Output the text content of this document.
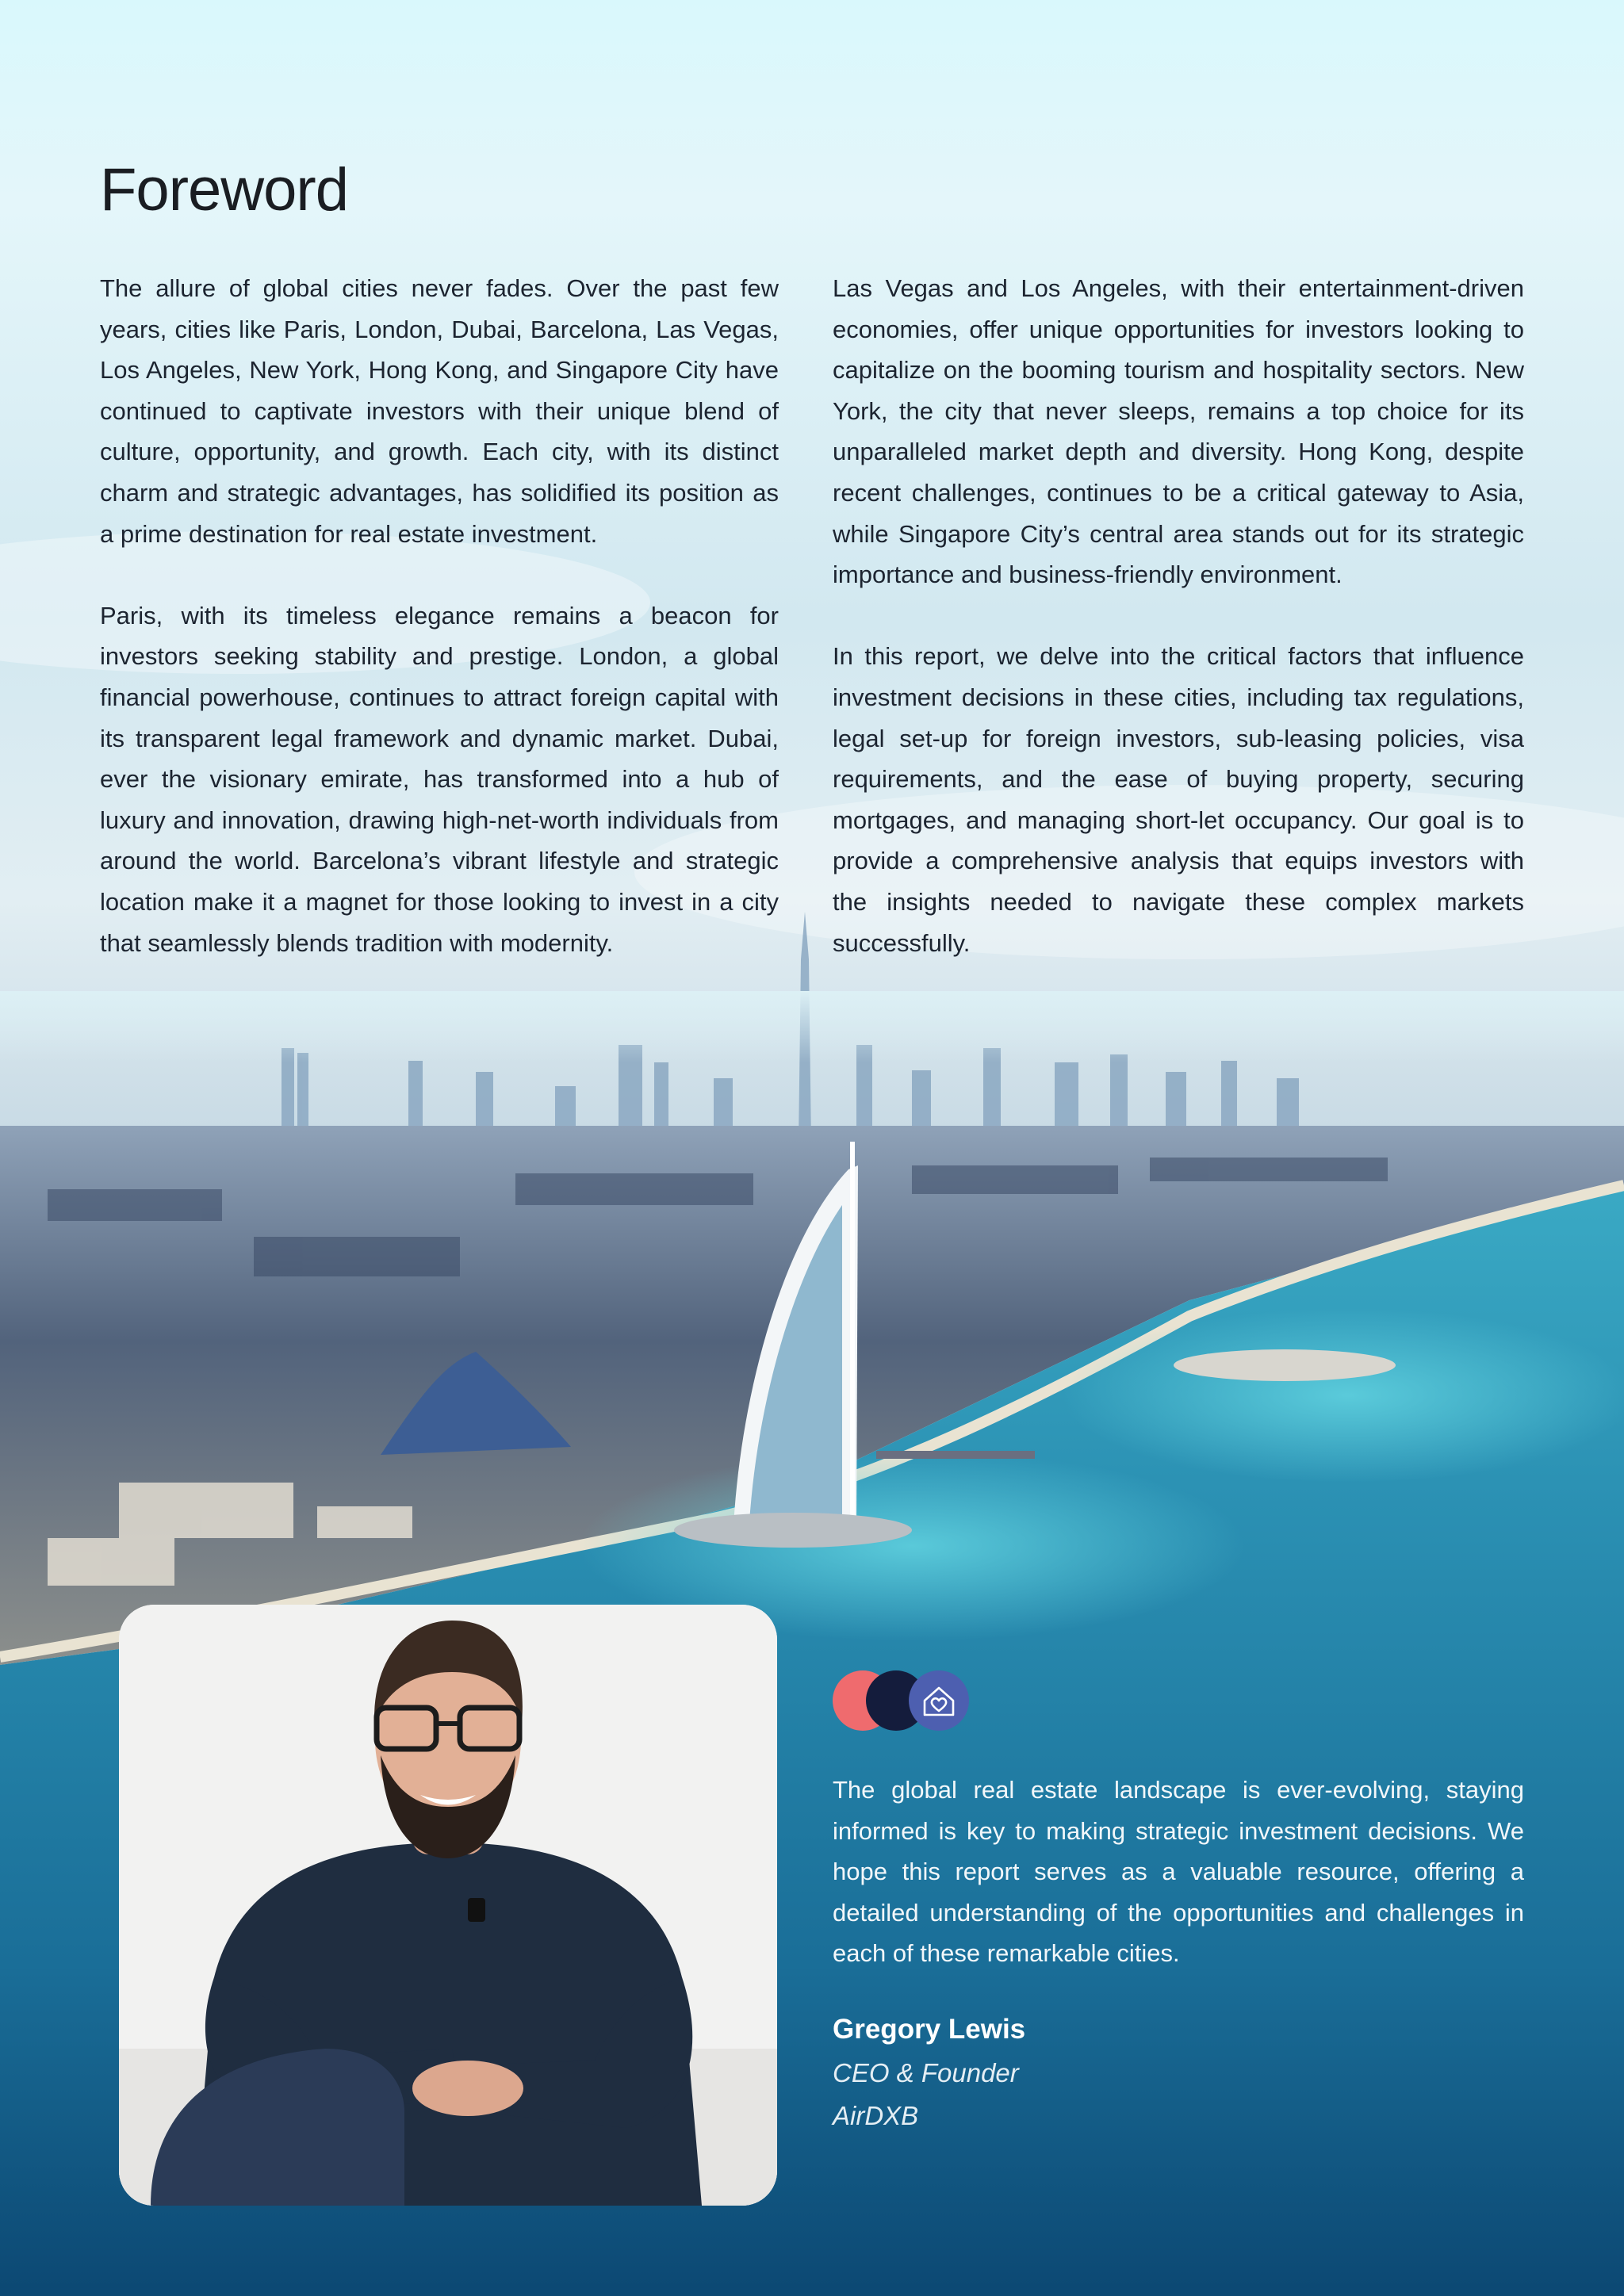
Foreword

The allure of global cities never fades. Over the past few years, cities like Paris, London, Dubai, Barcelona, Las Vegas, Los Angeles, New York, Hong Kong, and Singapore City have continued to captivate investors with their unique blend of culture, opportunity, and growth. Each city, with its distinct charm and strategic advantages, has solidified its position as a prime destination for real estate investment.

Paris, with its timeless elegance remains a beacon for investors seeking stability and prestige. London, a global financial powerhouse, continues to attract foreign capital with its transparent legal framework and dynamic market. Dubai, ever the visionary emirate, has transformed into a hub of luxury and innovation, drawing high-net-worth individuals from around the world. Barcelona’s vibrant lifestyle and strategic location make it a magnet for those looking to invest in a city that seamlessly blends tradition with modernity.

Las Vegas and Los Angeles, with their entertainment-driven economies, offer unique opportunities for investors looking to capitalize on the booming tourism and hospitality sectors. New York, the city that never sleeps, remains a top choice for its unparalleled market depth and diversity. Hong Kong, despite recent challenges, continues to be a critical gateway to Asia, while Singapore City’s central area stands out for its strategic importance and business-friendly environment.

In this report, we delve into the critical factors that influence investment decisions in these cities, including tax regulations, legal set-up for foreign investors, sub-leasing policies, visa requirements, and the ease of buying property, securing mortgages, and managing short-let occupancy. Our goal is to provide a comprehensive analysis that equips investors with the insights needed to navigate these complex markets successfully.

The global real estate landscape is ever-evolving, staying informed is key to making strategic investment decisions. We hope this report serves as a valuable resource, offering a detailed understanding of the opportunities and challenges in each of these remarkable cities.

Gregory Lewis

CEO & Founder

AirDXB
